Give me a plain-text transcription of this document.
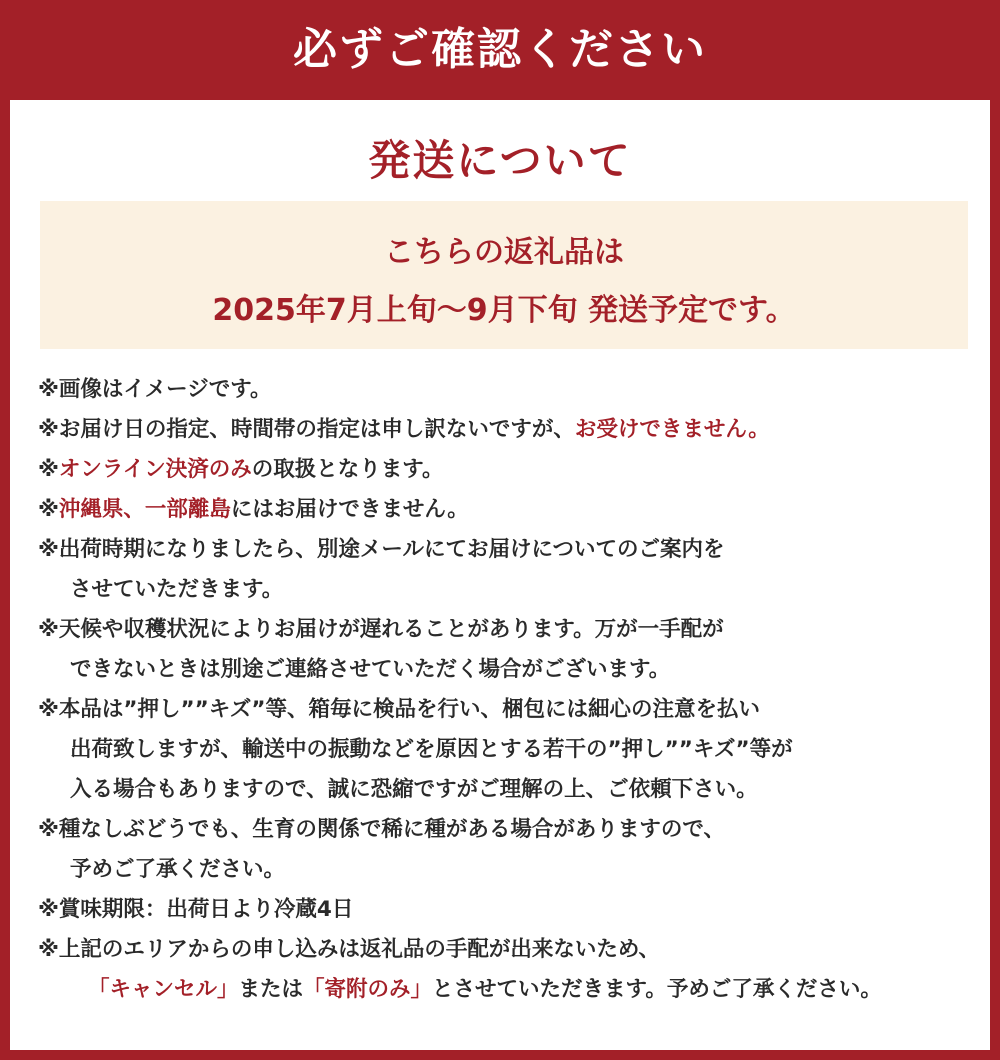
必ずご確認ください
発送について
こちらの返礼品は
2025年7月上旬～9月下旬 発送予定です。
※画像はイメージです。
※お届け日の指定、時間帯の指定は申し訳ないですが、お受けできません。
※オンライン決済のみの取扱となります。
※沖縄県、一部離島にはお届けできません。
※出荷時期になりましたら、別途メールにてお届けについてのご案内を
させていただきます。
※天候や収穫状況によりお届けが遅れることがあります。万が一手配が
できないときは別途ご連絡させていただく場合がございます。
※本品は”押し””キズ”等、箱毎に検品を行い、梱包には細心の注意を払い
出荷致しますが、輸送中の振動などを原因とする若干の”押し””キズ”等が
入る場合もありますので、誠に恐縮ですがご理解の上、ご依頼下さい。
※種なしぶどうでも、生育の関係で稀に種がある場合がありますので、
予めご了承ください。
※賞味期限：出荷日より冷蔵4日
※上記のエリアからの申し込みは返礼品の手配が出来ないため、
「キャンセル」または「寄附のみ」とさせていただきます。予めご了承ください。
